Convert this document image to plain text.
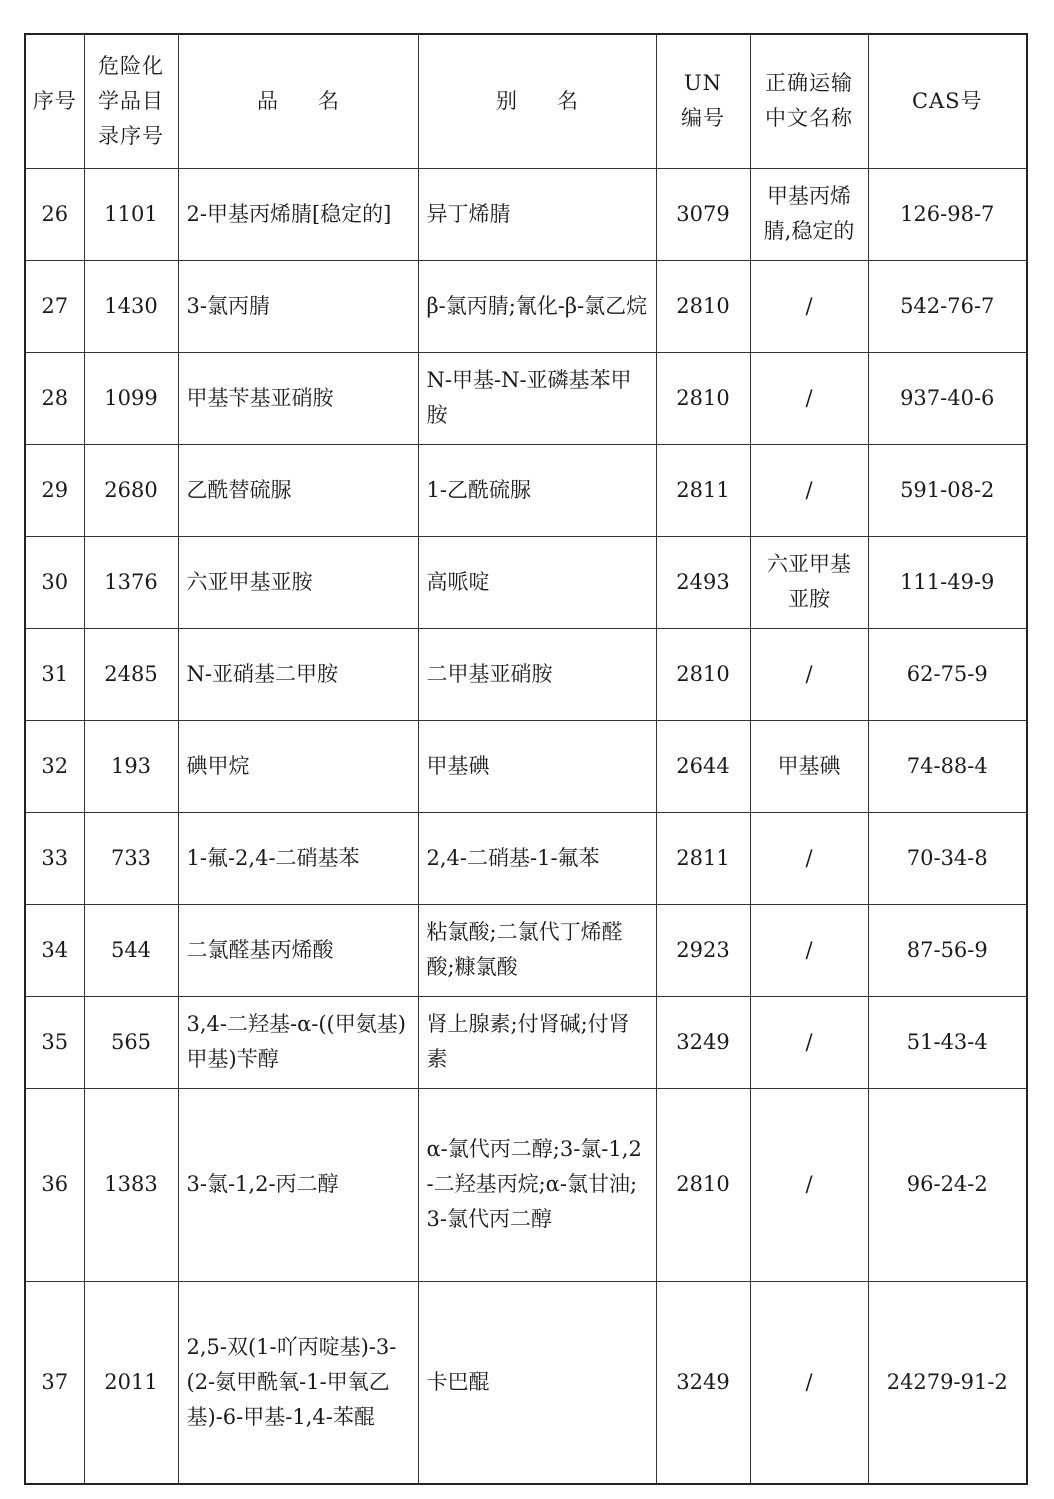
序号	危险化学品目录序号	品名	别名	UN编号	正确运输中文名称	CAS号
26	1101	2-甲基丙烯腈[稳定的]	异丁烯腈	3079	甲基丙烯腈,稳定的	126-98-7
27	1430	3-氯丙腈	β-氯丙腈;氰化-β-氯乙烷	2810	/	542-76-7
28	1099	甲基苄基亚硝胺	N-甲基-N-亚磷基苯甲胺	2810	/	937-40-6
29	2680	乙酰替硫脲	1-乙酰硫脲	2811	/	591-08-2
30	1376	六亚甲基亚胺	高哌啶	2493	六亚甲基亚胺	111-49-9
31	2485	N-亚硝基二甲胺	二甲基亚硝胺	2810	/	62-75-9
32	193	碘甲烷	甲基碘	2644	甲基碘	74-88-4
33	733	1-氟-2,4-二硝基苯	2,4-二硝基-1-氟苯	2811	/	70-34-8
34	544	二氯醛基丙烯酸	粘氯酸;二氯代丁烯醛酸;糠氯酸	2923	/	87-56-9
35	565	3,4-二羟基-α-((甲氨基)甲基)苄醇	肾上腺素;付肾碱;付肾素	3249	/	51-43-4
36	1383	3-氯-1,2-丙二醇	α-氯代丙二醇;3-氯-1,2-二羟基丙烷;α-氯甘油;3-氯代丙二醇	2810	/	96-24-2
37	2011	2,5-双(1-吖丙啶基)-3-(2-氨甲酰氧-1-甲氧乙基)-6-甲基-1,4-苯醌	卡巴醌	3249	/	24279-91-2
